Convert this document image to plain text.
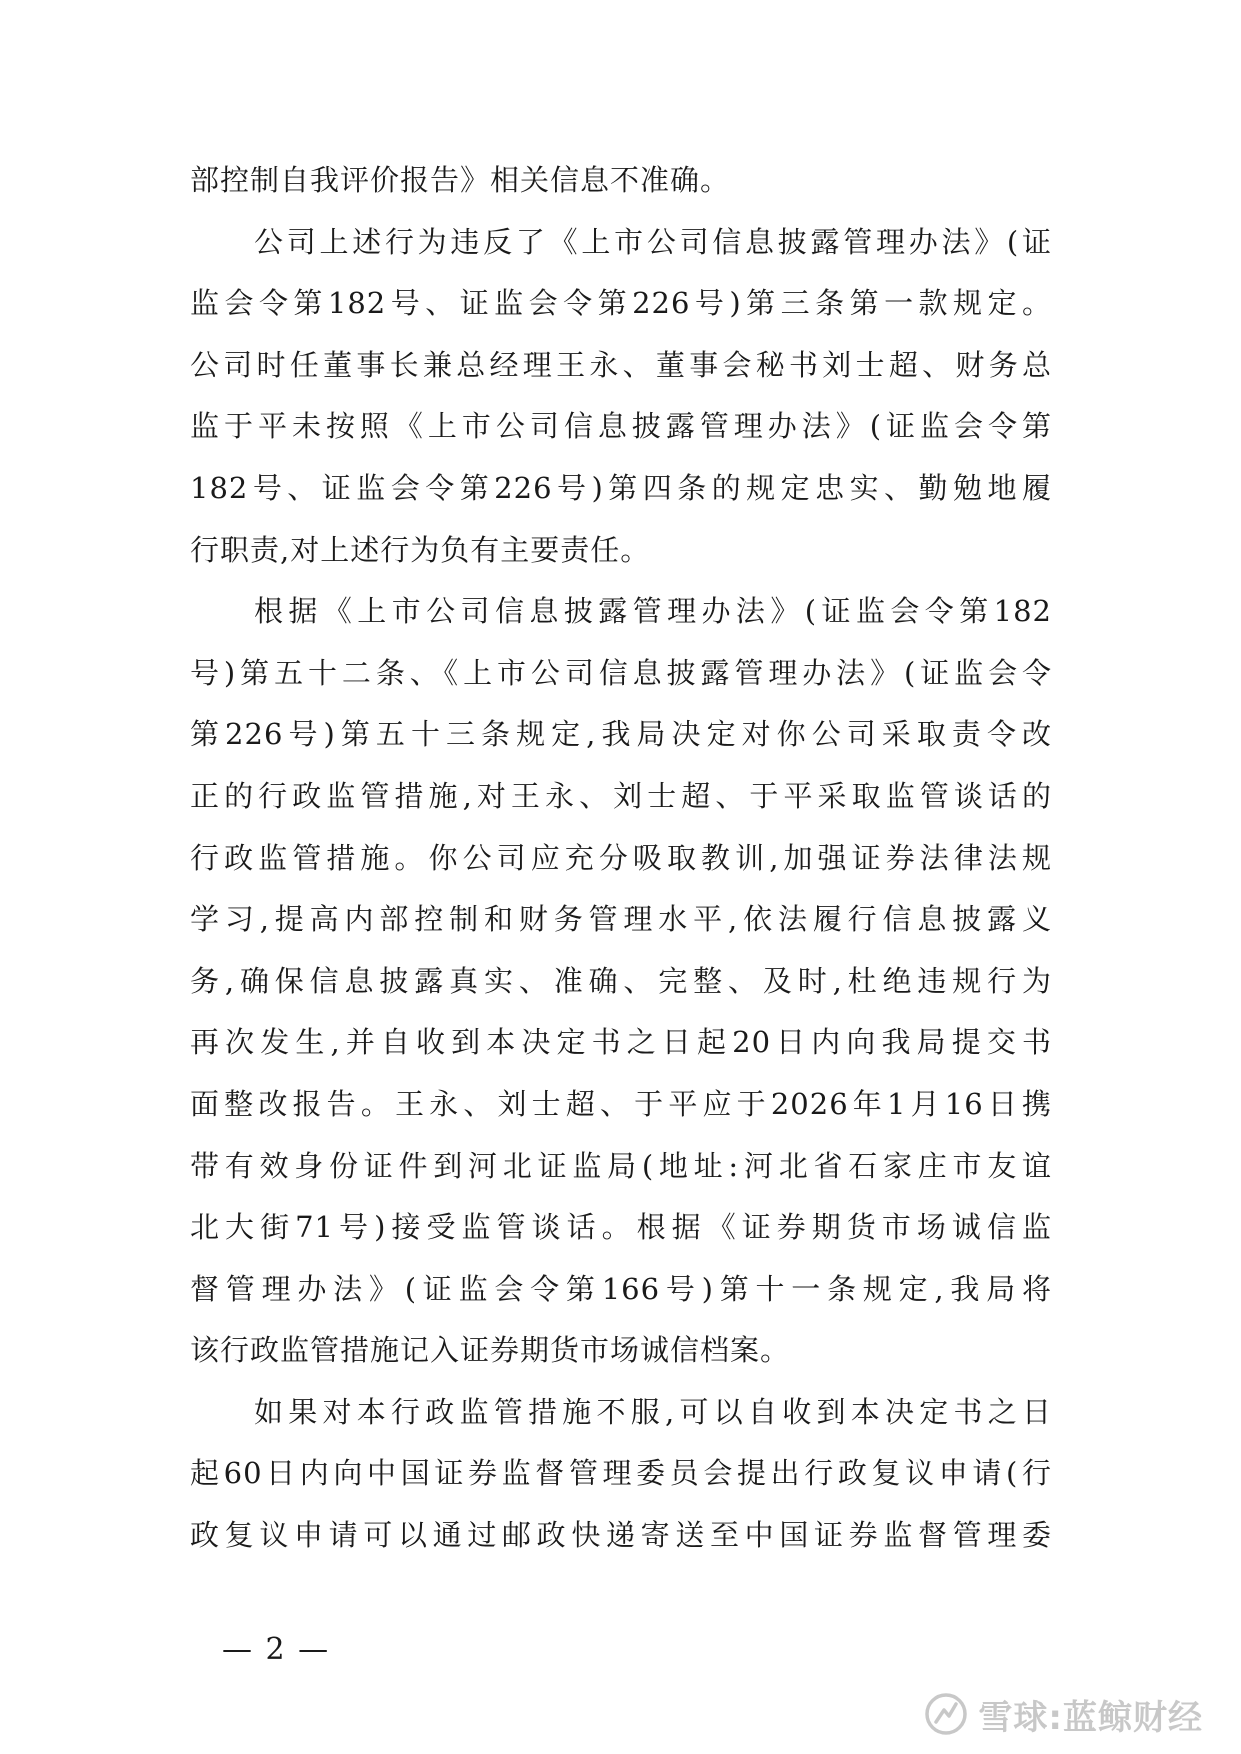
部控制自我评价报告》相关信息不准确。
公司上述行为违反了《上市公司信息披露管理办法》(证
监会令第182号、证监会令第226号)第三条第一款规定。
公司时任董事长兼总经理王永、董事会秘书刘士超、财务总
监于平未按照《上市公司信息披露管理办法》(证监会令第
182号、证监会令第226号)第四条的规定忠实、勤勉地履
行职责,对上述行为负有主要责任。
根据《上市公司信息披露管理办法》(证监会令第182
号)第五十二条、《上市公司信息披露管理办法》(证监会令
第226号)第五十三条规定,我局决定对你公司采取责令改
正的行政监管措施,对王永、刘士超、于平采取监管谈话的
行政监管措施。你公司应充分吸取教训,加强证券法律法规
学习,提高内部控制和财务管理水平,依法履行信息披露义
务,确保信息披露真实、准确、完整、及时,杜绝违规行为
再次发生,并自收到本决定书之日起20日内向我局提交书
面整改报告。王永、刘士超、于平应于2026年1月16日携
带有效身份证件到河北证监局(地址:河北省石家庄市友谊
北大街71号)接受监管谈话。根据《证券期货市场诚信监
督管理办法》(证监会令第166号)第十一条规定,我局将
该行政监管措施记入证券期货市场诚信档案。
如果对本行政监管措施不服,可以自收到本决定书之日
起60日内向中国证券监督管理委员会提出行政复议申请(行
政复议申请可以通过邮政快递寄送至中国证券监督管理委
— 2 —
雪球:蓝鲸财经
